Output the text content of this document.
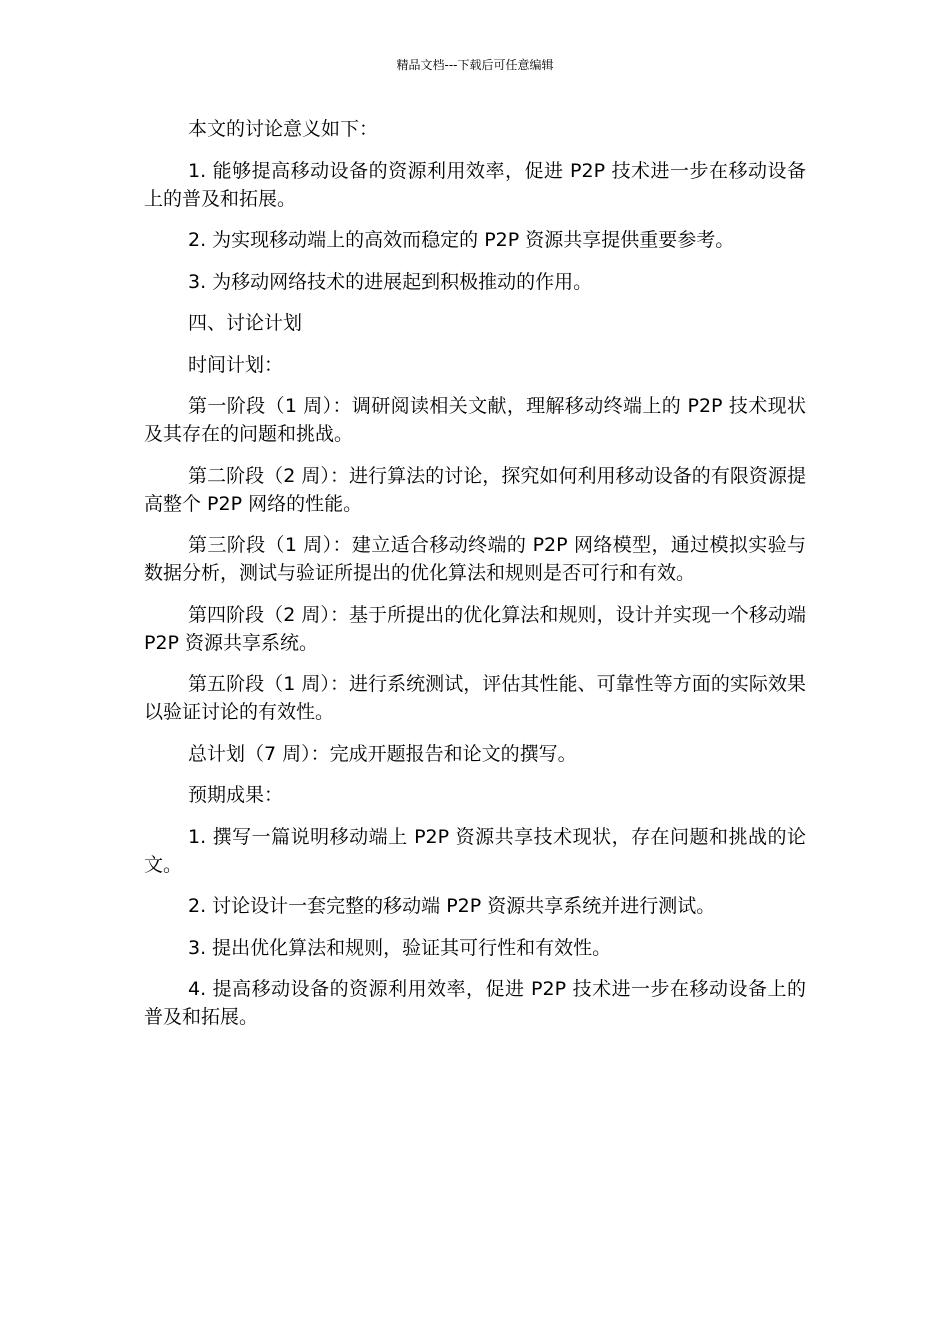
精品文档---下载后可任意编辑

本文的讨论意义如下：

1. 能够提高移动设备的资源利用效率，促进 P2P 技术进一步在移动设备上的普及和拓展。

2. 为实现移动端上的高效而稳定的 P2P 资源共享提供重要参考。

3. 为移动网络技术的进展起到积极推动的作用。

四、讨论计划

时间计划：

第一阶段（1 周）：调研阅读相关文献，理解移动终端上的 P2P 技术现状及其存在的问题和挑战。

第二阶段（2 周）：进行算法的讨论，探究如何利用移动设备的有限资源提高整个 P2P 网络的性能。

第三阶段（1 周）：建立适合移动终端的 P2P 网络模型，通过模拟实验与数据分析，测试与验证所提出的优化算法和规则是否可行和有效。

第四阶段（2 周）：基于所提出的优化算法和规则，设计并实现一个移动端 P2P 资源共享系统。

第五阶段（1 周）：进行系统测试，评估其性能、可靠性等方面的实际效果以验证讨论的有效性。

总计划（7 周）：完成开题报告和论文的撰写。

预期成果：

1. 撰写一篇说明移动端上 P2P 资源共享技术现状，存在问题和挑战的论文。

2. 讨论设计一套完整的移动端 P2P 资源共享系统并进行测试。

3. 提出优化算法和规则，验证其可行性和有效性。

4. 提高移动设备的资源利用效率，促进 P2P 技术进一步在移动设备上的普及和拓展。
